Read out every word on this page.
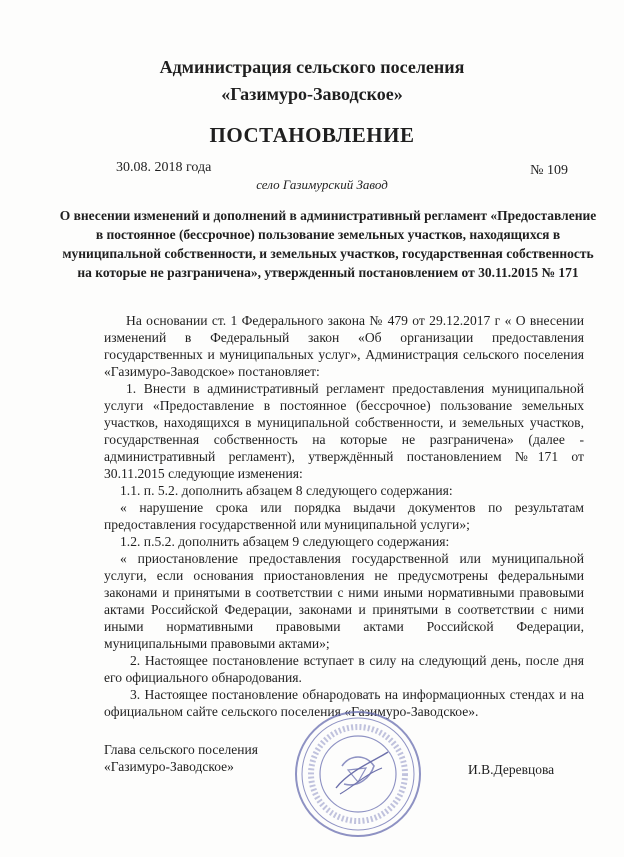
Администрация сельского поселения
«Газимуро-Заводское»
ПОСТАНОВЛЕНИЕ
30.08. 2018 года	№ 109
село Газимурский Завод
О внесении изменений и дополнений в административный регламент «Предоставление в постоянное (бессрочное) пользование земельных участков, находящихся в муниципальной собственности, и земельных участков, государственная собственность на которые не разграничена», утвержденный постановлением от 30.11.2015 № 171

На основании ст. 1 Федерального закона № 479 от 29.12.2017 г « О внесении изменений в Федеральный закон «Об организации предоставления государственных и муниципальных услуг», Администрация сельского поселения «Газимуро-Заводское» постановляет:

1. Внести в административный регламент предоставления муниципальной услуги «Предоставление в постоянное (бессрочное) пользование земельных участков, находящихся в муниципальной собственности, и земельных участков, государственная собственность на которые не разграничена» (далее - административный регламент), утверждённый постановлением №171 от 30.11.2015 следующие изменения:

1.1. п. 5.2. дополнить абзацем 8 следующего содержания:

« нарушение срока или порядка выдачи документов по результатам предоставления государственной или муниципальной услуги»;

1.2. п.5.2. дополнить абзацем 9 следующего содержания:

« приостановление предоставления государственной или муниципальной услуги, если основания приостановления не предусмотрены федеральными законами и принятыми в соответствии с ними иными нормативными правовыми актами Российской Федерации, законами и принятыми в соответствии с ними иными нормативными правовыми актами Российской Федерации, муниципальными правовыми актами»;

2. Настоящее постановление вступает в силу на следующий день, после дня его официального обнародования.

3. Настоящее постановление обнародовать на информационных стендах и на официальном сайте сельского поселения «Газимуро-Заводское».

Глава сельского поселения
«Газимуро-Заводское»	И.В.Деревцова
